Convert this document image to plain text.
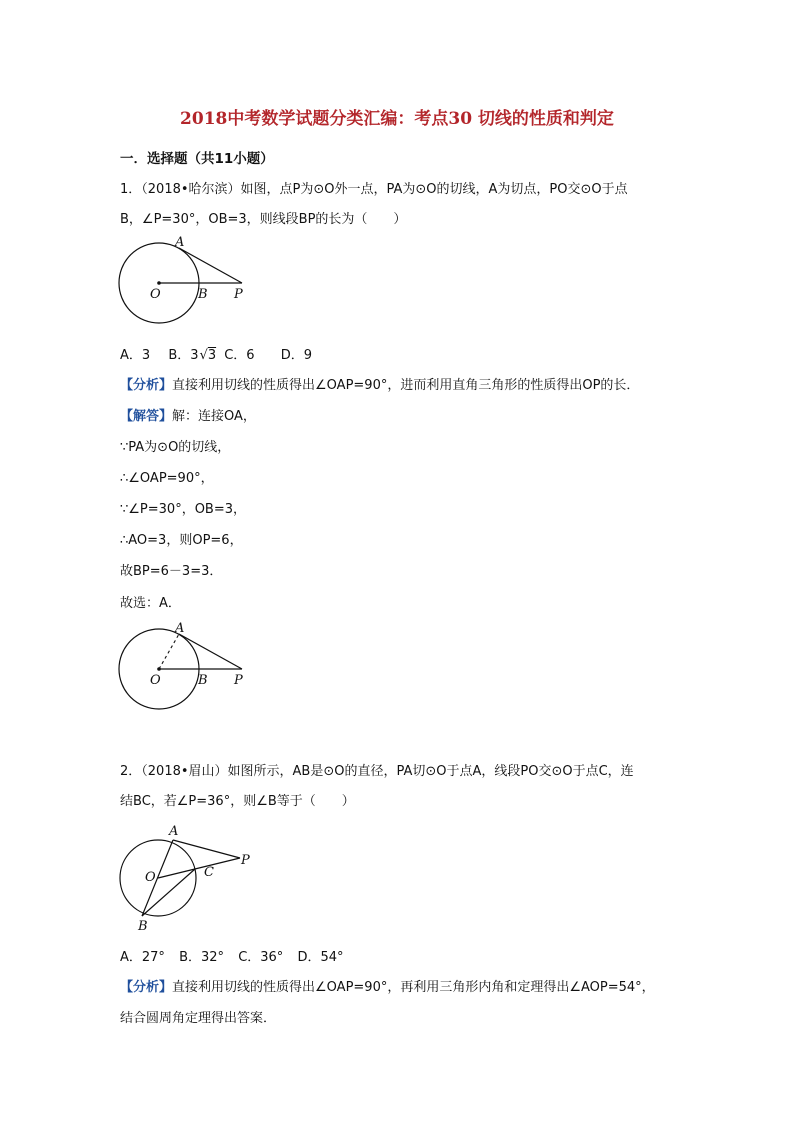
2018中考数学试题分类汇编：考点30 切线的性质和判定
一．选择题（共11小题）
1．（2018•哈尔滨）如图，点P为⊙O外一点，PA为⊙O的切线，A为切点，PO交⊙O于点
B，∠P=30°，OB=3，则线段BP的长为（　　）
A
O	B P
A．3 B．3√3 C．6 D．9
【分析】直接利用切线的性质得出∠OAP=90°，进而利用直角三角形的性质得出OP的长．
【解答】解：连接OA，
∵PA为⊙O的切线，
∴∠OAP=90°，
∵∠P=30°，OB=3，
∴AO=3，则OP=6，
故BP=6－3=3．
故选：A．
A
O	B P
2．（2018•眉山）如图所示，AB是⊙O的直径，PA切⊙O于点A，线段PO交⊙O于点C，连
结BC，若∠P=36°，则∠B等于（　　）
A
O	C
P
B
A．27° B．32° C．36° D．54°
【分析】直接利用切线的性质得出∠OAP=90°，再利用三角形内角和定理得出∠AOP=54°，
结合圆周角定理得出答案．
